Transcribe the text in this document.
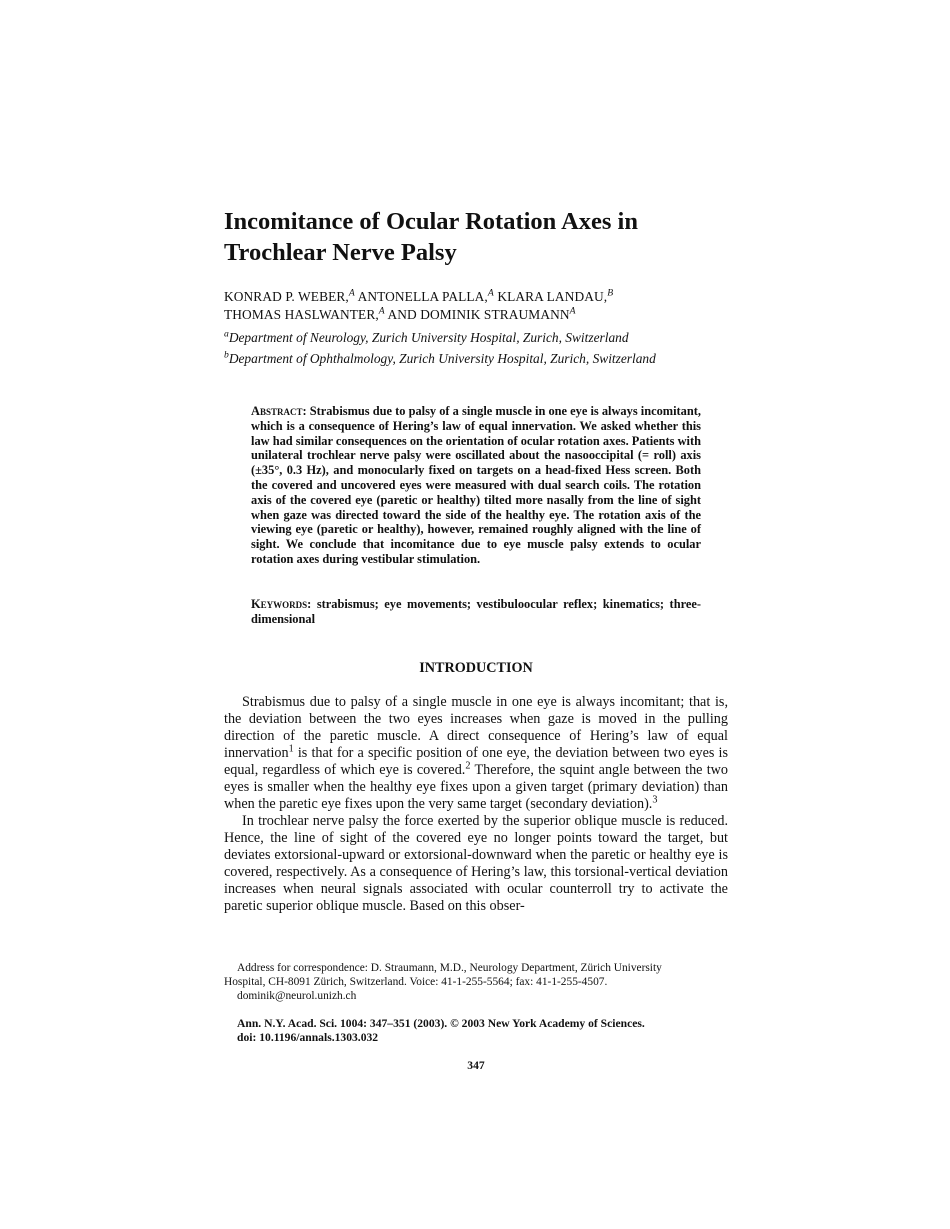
Incomitance of Ocular Rotation Axes in
Trochlear Nerve Palsy
KONRAD P. WEBER,$^A$ ANTONELLA PALLA,$^A$ KLARA LANDAU,$^B$
THOMAS HASLWANTER,$^A$ AND DOMINIK $STRAUMANN^A$
$^a$Department of Neurology, Zurich University Hospital, Zurich, Switzerland
$^b$Department of Ophthalmology, Zurich University Hospital, Zurich, Switzerland
Abstract: Strabismus due to palsy of a single muscle in one eye is always incomitant, which is a consequence of Hering’s law of equal innervation. We asked whether this law had similar consequences on the orientation of ocular rotation axes. Patients with unilateral trochlear nerve palsy were oscillated about the nasooccipital (= roll) axis (±35°, 0.3 Hz), and monocularly fixed on targets on a head-fixed Hess screen. Both the covered and uncovered eyes were measured with dual search coils. The rotation axis of the covered eye (paretic or healthy) tilted more nasally from the line of sight when gaze was directed toward the side of the healthy eye. The rotation axis of the viewing eye (paretic or healthy), however, remained roughly aligned with the line of sight. We conclude that incomitance due to eye muscle palsy extends to ocular rotation axes during vestibular stimulation.
Keywords: strabismus; eye movements; vestibuloocular reflex; kinematics; three-dimensional
INTRODUCTION

Strabismus due to palsy of a single muscle in one eye is always incomitant; that is, the deviation between the two eyes increases when gaze is moved in the pulling direction of the paretic muscle. A direct consequence of Hering’s law of equal innervation$^1$ is that for a specific position of one eye, the deviation between two eyes is equal, regardless of which eye is covered.$^2$ Therefore, the squint angle between the two eyes is smaller when the healthy eye fixes upon a given target (primary deviation) than when the paretic eye fixes upon the very same target (secondary deviation).$^3$

In trochlear nerve palsy the force exerted by the superior oblique muscle is reduced. Hence, the line of sight of the covered eye no longer points toward the target, but deviates extorsional-upward or extorsional-downward when the paretic or healthy eye is covered, respectively. As a consequence of Hering’s law, this torsional-vertical deviation increases when neural signals associated with ocular counterroll try to activate the paretic superior oblique muscle. Based on this obser-

Address for correspondence: D. Straumann, M.D., Neurology Department, Zürich University
Hospital, CH-8091 Zürich, Switzerland. Voice: 41-1-255-5564; fax: 41-1-255-4507.
dominik@neurol.unizh.ch
Ann. N.Y. Acad. Sci. 1004: 347–351 (2003). © 2003 New York Academy of Sciences.
doi: 10.1196/annals.1303.032
347
